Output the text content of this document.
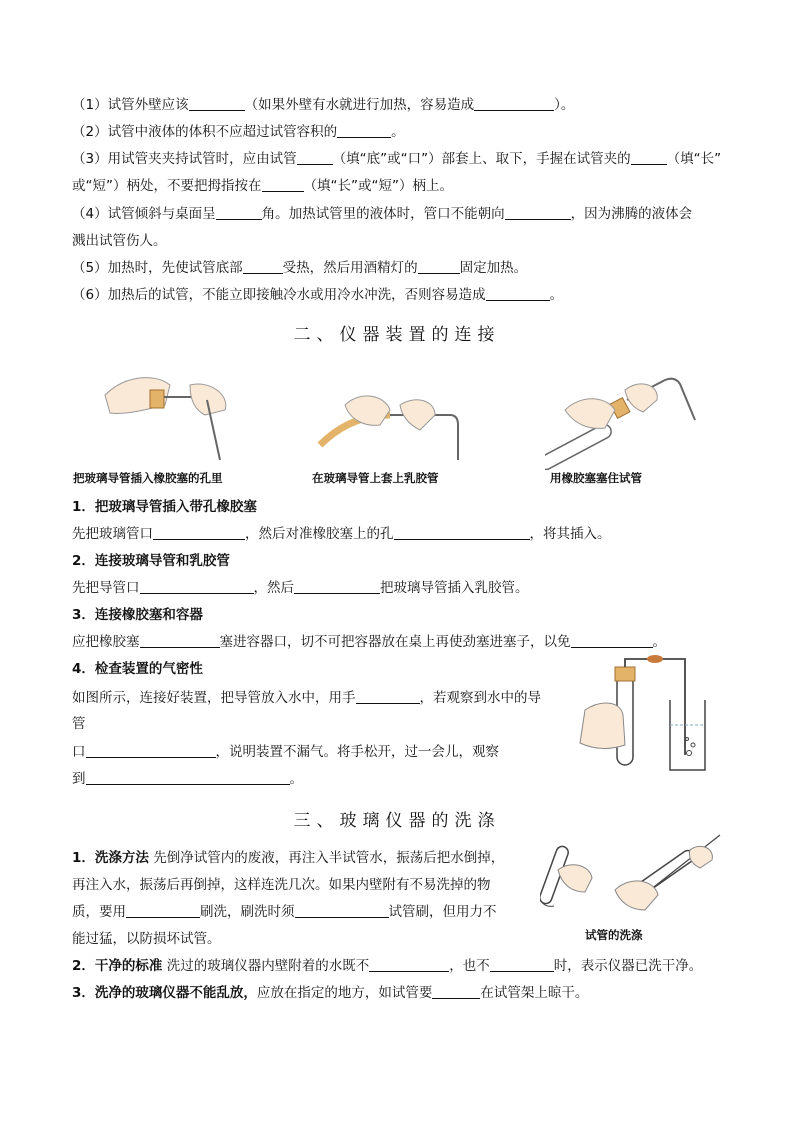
（1）试管外壁应该	（如果外壁有水就进行加热，容易造成	）。
（2）试管中液体的体积不应超过试管容积的	。
（3）用试管夹夹持试管时，应由试管	（填“底”或“口”）部套上、取下，手握在试管夹的	（填“长”
或“短”）柄处，不要把拇指按在	（填“长”或“短”）柄上。
（4）试管倾斜与桌面呈	角。加热试管里的液体时，管口不能朝向	，因为沸腾的液体会
溅出试管伤人。
（5）加热时，先使试管底部	受热，然后用酒精灯的	固定加热。
（6）加热后的试管，不能立即接触冷水或用冷水冲洗，否则容易造成	。
二、仪器装置的连接
把玻璃导管插入橡胶塞的孔里	在玻璃导管上套上乳胶管	用橡胶塞塞住试管
1．把玻璃导管插入带孔橡胶塞
先把玻璃管口	，然后对准橡胶塞上的孔	，将其插入。
2．连接玻璃导管和乳胶管
先把导管口	，然后	把玻璃导管插入乳胶管。
3．连接橡胶塞和容器
应把橡胶塞	塞进容器口，切不可把容器放在桌上再使劲塞进塞子，以免	。
4．检查装置的气密性
如图所示，连接好装置，把导管放入水中，用手	，若观察到水中的导
管
口	，说明装置不漏气。将手松开，过一会儿，观察
到	。
三、玻璃仪器的洗涤
1．洗涤方法 先倒净试管内的废液，再注入半试管水，振荡后把水倒掉，
再注入水，振荡后再倒掉，这样连洗几次。如果内壁附有不易洗掉的物
质，要用	刷洗，刷洗时须	试管刷，但用力不
能过猛，以防损坏试管。	试管的洗涤
2．干净的标准 洗过的玻璃仪器内壁附着的水既不	，也不	时，表示仪器已洗干净。
3．洗净的玻璃仪器不能乱放，应放在指定的地方，如试管要	在试管架上晾干。
